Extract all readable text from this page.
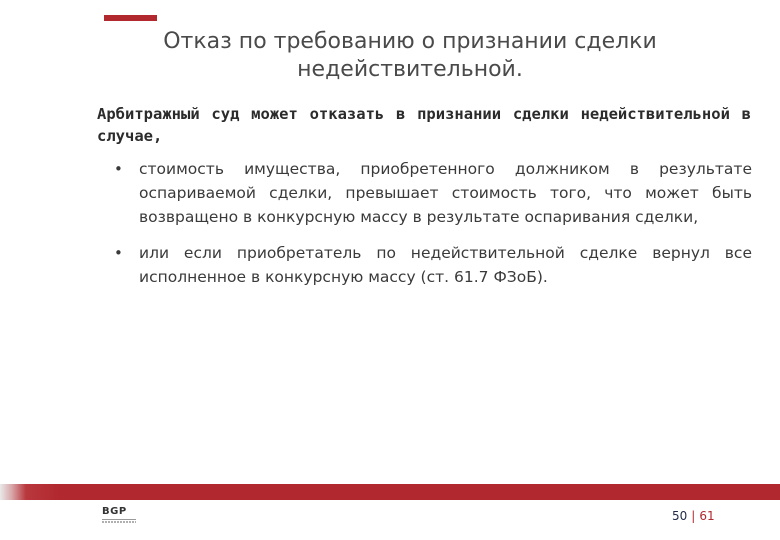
Отказ по требованию о признании сделки недействительной.
Арбитражный суд может отказать в признании сделки недействительной в случае,
• стоимость имущества, приобретенного должником в результате оспариваемой сделки, превышает стоимость того, что может быть возвращено в конкурсную массу в результате оспаривания сделки,
• или если приобретатель по недействительной сделке вернул все исполненное в конкурсную массу (ст. 61.7 ФЗоБ).
BGP	50 | 61
